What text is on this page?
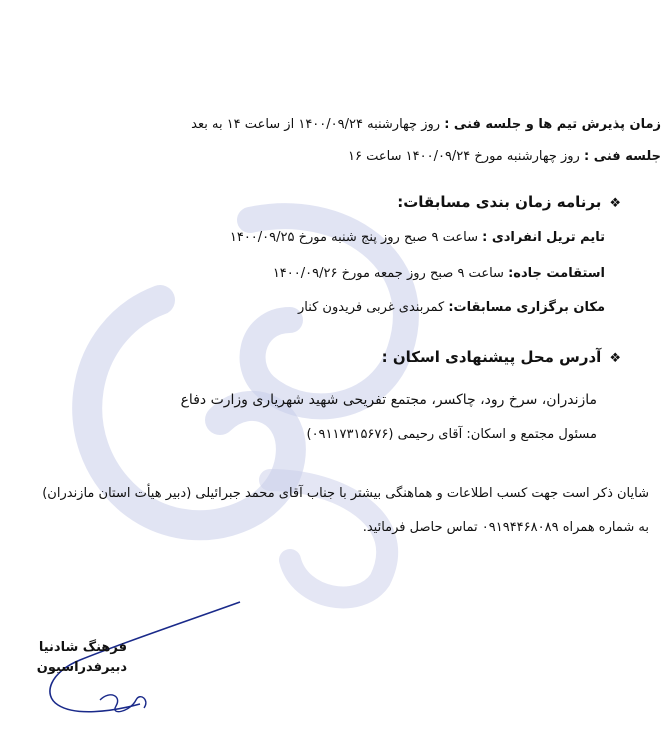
زمان پذیرش تیم ها و جلسه فنی : روز چهارشنبه ۱۴۰۰/۰۹/۲۴ از ساعت ۱۴ به بعد
جلسه فنی : روز چهارشنبه مورخ ۱۴۰۰/۰۹/۲۴ ساعت ۱۶
❖برنامه زمان بندی مسابقات:
تایم تریل انفرادی : ساعت ۹ صبح روز پنج شنبه مورخ ۱۴۰۰/۰۹/۲۵
استقامت جاده: ساعت ۹ صبح روز جمعه مورخ ۱۴۰۰/۰۹/۲۶
مکان برگزاری مسابقات: کمربندی غربی فریدون کنار
❖آدرس محل پیشنهادی اسکان :
مازندران، سرخ رود، چاکسر، مجتمع تفریحی شهید شهریاری وزارت دفاع
مسئول مجتمع و اسکان: آقای رحیمی (۰۹۱۱۷۳۱۵۶۷۶)
شایان ذکر است جهت کسب اطلاعات و هماهنگی بیشتر با جناب آقای محمد جبرائیلی (دبیر هیأت استان مازندران)
به شماره همراه ۰۹۱۹۴۴۶۸۰۸۹ تماس حاصل فرمائید.
فرهنگ شادنیا
دبیرفدراسیون
